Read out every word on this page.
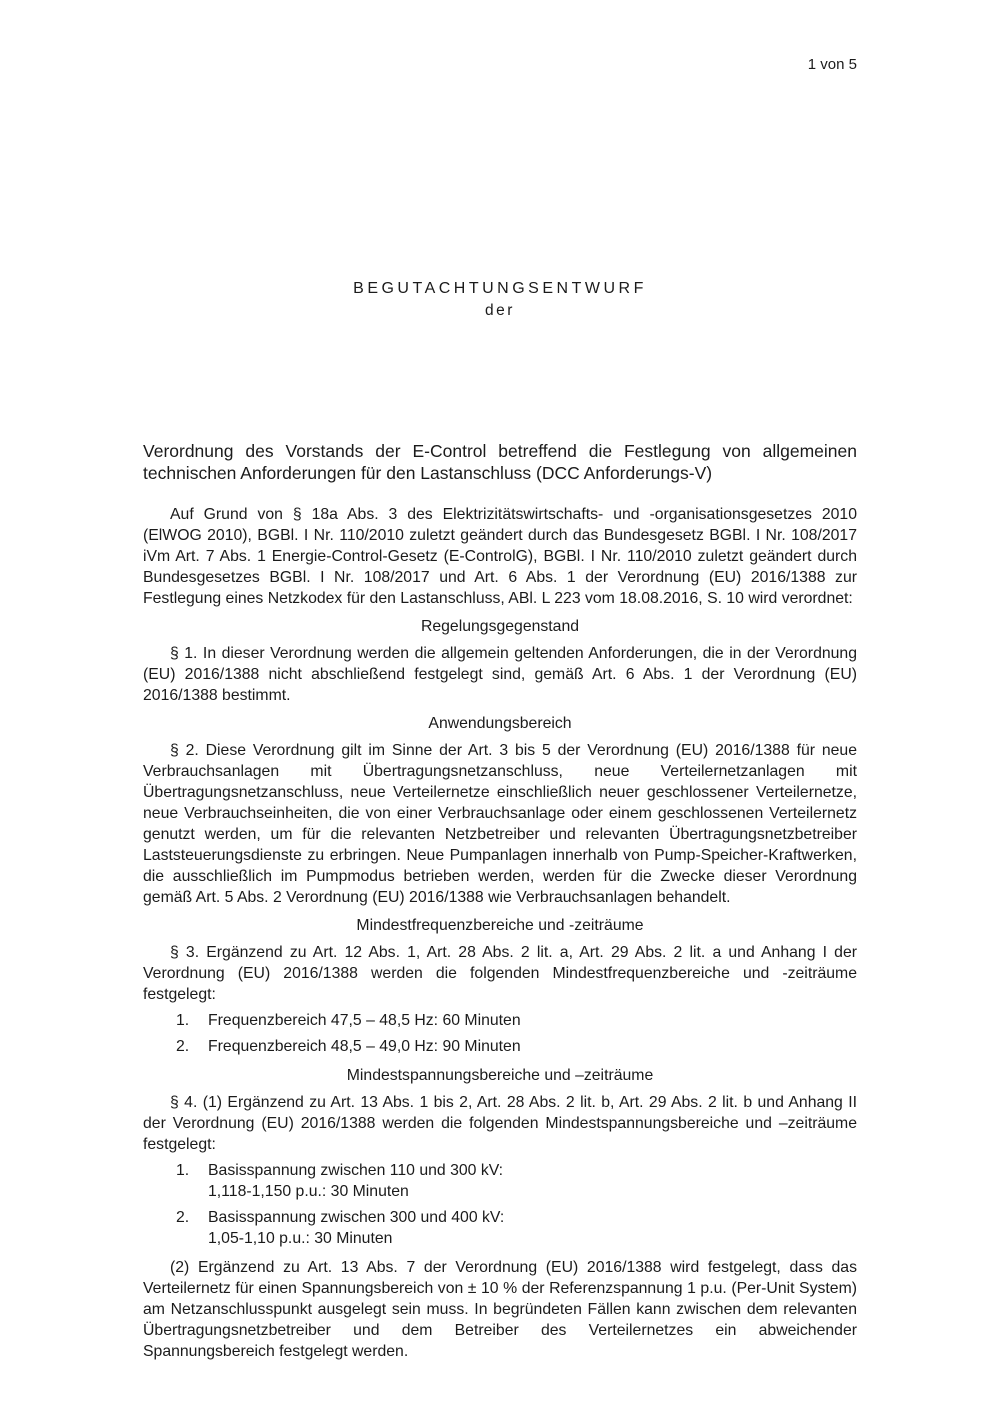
1 von 5
BEGUTACHTUNGSENTWURF
der
Verordnung des Vorstands der E-Control betreffend die Festlegung von allgemeinen technischen Anforderungen für den Lastanschluss (DCC Anforderungs-V)

Auf Grund von § 18a Abs. 3 des Elektrizitätswirtschafts- und -organisationsgesetzes 2010 (ElWOG 2010), BGBl. I Nr. 110/2010 zuletzt geändert durch das Bundesgesetz BGBl. I Nr. 108/2017 iVm Art. 7 Abs. 1 Energie-Control-Gesetz (E-ControlG), BGBl. I Nr. 110/2010 zuletzt geändert durch Bundesgesetzes BGBl. I Nr. 108/2017 und Art. 6 Abs. 1 der Verordnung (EU) 2016/1388 zur Festlegung eines Netzkodex für den Lastanschluss, ABl. L 223 vom 18.08.2016, S. 10 wird verordnet:

Regelungsgegenstand

§ 1. In dieser Verordnung werden die allgemein geltenden Anforderungen, die in der Verordnung (EU) 2016/1388 nicht abschließend festgelegt sind, gemäß Art. 6 Abs. 1 der Verordnung (EU) 2016/1388 bestimmt.

Anwendungsbereich

§ 2. Diese Verordnung gilt im Sinne der Art. 3 bis 5 der Verordnung (EU) 2016/1388 für neue Verbrauchsanlagen mit Übertragungsnetzanschluss, neue Verteilernetzanlagen mit Übertragungsnetzanschluss, neue Verteilernetze einschließlich neuer geschlossener Verteilernetze, neue Verbrauchseinheiten, die von einer Verbrauchsanlage oder einem geschlossenen Verteilernetz genutzt werden, um für die relevanten Netzbetreiber und relevanten Übertragungsnetzbetreiber Laststeuerungsdienste zu erbringen. Neue Pumpanlagen innerhalb von Pump-Speicher-Kraftwerken, die ausschließlich im Pumpmodus betrieben werden, werden für die Zwecke dieser Verordnung gemäß Art. 5 Abs. 2 Verordnung (EU) 2016/1388 wie Verbrauchsanlagen behandelt.

Mindestfrequenzbereiche und -zeiträume

§ 3. Ergänzend zu Art. 12 Abs. 1, Art. 28 Abs. 2 lit. a, Art. 29 Abs. 2 lit. a und Anhang I der Verordnung (EU) 2016/1388 werden die folgenden Mindestfrequenzbereiche und -zeiträume festgelegt:

1.	Frequenzbereich 47,5 – 48,5 Hz: 60 Minuten
2.	Frequenzbereich 48,5 – 49,0 Hz: 90 Minuten
Mindestspannungsbereiche und –zeiträume

§ 4. (1) Ergänzend zu Art. 13 Abs. 1 bis 2, Art. 28 Abs. 2 lit. b, Art. 29 Abs. 2 lit. b und Anhang II der Verordnung (EU) 2016/1388 werden die folgenden Mindestspannungsbereiche und –zeiträume festgelegt:

1.	Basisspannung zwischen 110 und 300 kV:
1,118-1,150 p.u.: 30 Minuten
2.	Basisspannung zwischen 300 und 400 kV:
1,05-1,10 p.u.: 30 Minuten

(2) Ergänzend zu Art. 13 Abs. 7 der Verordnung (EU) 2016/1388 wird festgelegt, dass das Verteilernetz für einen Spannungsbereich von ± 10 % der Referenzspannung 1 p.u. (Per-Unit System) am Netzanschlusspunkt ausgelegt sein muss. In begründeten Fällen kann zwischen dem relevanten Übertragungsnetzbetreiber und dem Betreiber des Verteilernetzes ein abweichender Spannungsbereich festgelegt werden.
